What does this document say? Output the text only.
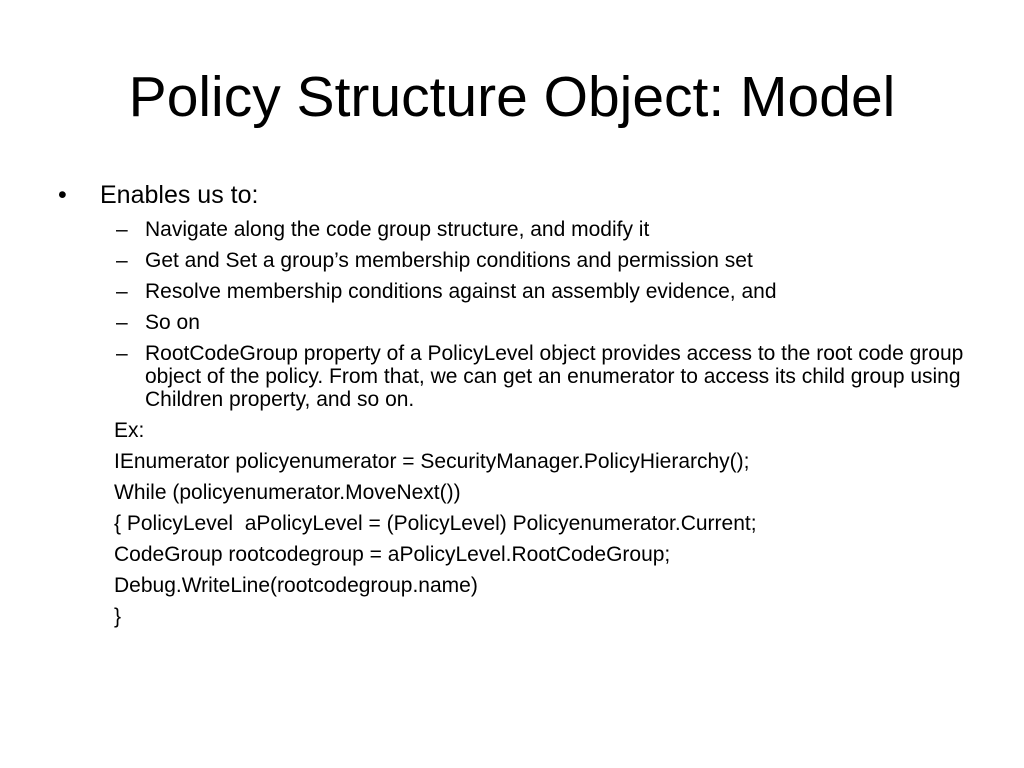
Policy Structure Object: Model
• Enables us to:
– Navigate along the code group structure, and modify it
– Get and Set a group’s membership conditions and permission set
– Resolve membership conditions against an assembly evidence, and
– So on
– RootCodeGroup property of a PolicyLevel object provides access to the root code group object of the policy. From that, we can get an enumerator to access its child group using Children property, and so on.
Ex:
IEnumerator policyenumerator = SecurityManager.PolicyHierarchy();
While (policyenumerator.MoveNext())
{ PolicyLevel  aPolicyLevel = (PolicyLevel) Policyenumerator.Current;
CodeGroup rootcodegroup = aPolicyLevel.RootCodeGroup;
Debug.WriteLine(rootcodegroup.name)
}
